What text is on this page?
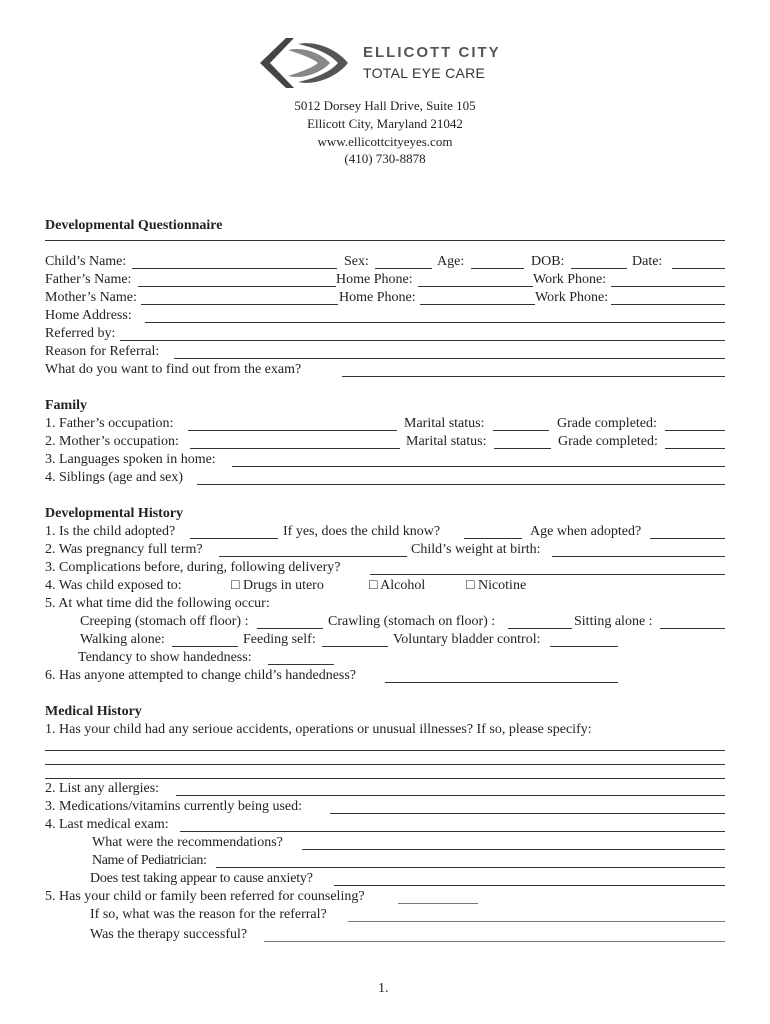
ELLICOTT CITY
TOTAL EYE CARE
5012 Dorsey Hall Drive, Suite 105
Ellicott City, Maryland 21042
www.ellicottcityeyes.com
(410) 730-8878
Developmental Questionnaire
Child’s Name:	Sex:	Age:	DOB:	Date:
Father’s Name:	Home Phone:	Work Phone:
Mother’s Name:	Home Phone:	Work Phone:
Home Address:
Referred by:
Reason for Referral:
What do you want to find out from the exam?
Family
1. Father’s occupation:	Marital status:	Grade completed:
2. Mother’s occupation:	Marital status:	Grade completed:
3. Languages spoken in home:
4. Siblings (age and sex)
Developmental History
1. Is the child adopted?	If yes, does the child know?	Age when adopted?
2. Was pregnancy full term?	Child’s weight at birth:
3. Complications before, during, following delivery?
4. Was child exposed to:	□ Drugs in utero	□ Alcohol	□ Nicotine
5. At what time did the following occur:
Creeping (stomach off floor) :	Crawling (stomach on floor) :	Sitting alone :
Walking alone:	Feeding self:	Voluntary bladder control:
Tendancy to show handedness:
6. Has anyone attempted to change child’s handedness?
Medical History
1. Has your child had any serioue accidents, operations or unusual illnesses? If so, please specify:
2. List any allergies:
3. Medications/vitamins currently being used:
4. Last medical exam:
What were the recommendations?
Name of Pediatrician:
Does test taking appear to cause anxiety?
5. Has your child or family been referred for counseling?
If so, what was the reason for the referral?
Was the therapy successful?
1.
